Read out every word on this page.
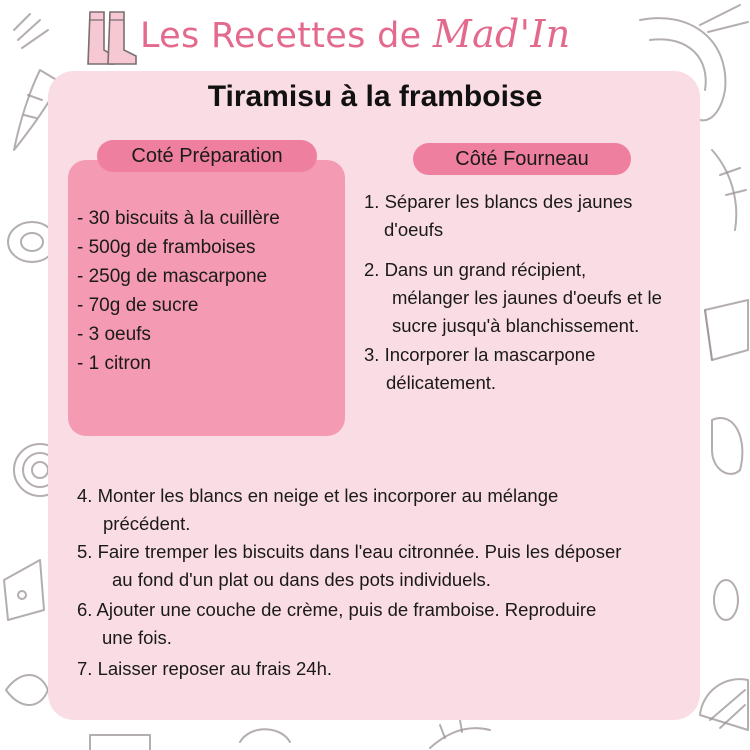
Les Recettes de Mad'In
Tiramisu à la framboise
- 30 biscuits à la cuillère
- 500g de framboises
- 250g de mascarpone
- 70g de sucre
- 3 oeufs
- 1 citron
Coté Préparation	Côté Fourneau
1. Séparer les blancs des jaunes
d'oeufs
2. Dans un grand récipient,
mélanger les jaunes d'oeufs et le
sucre jusqu'à blanchissement.
3. Incorporer la mascarpone
délicatement.
4. Monter les blancs en neige et les incorporer au mélange
précédent.
5. Faire tremper les biscuits dans l'eau citronnée. Puis les déposer
au fond d'un plat ou dans des pots individuels.
6. Ajouter une couche de crème, puis de framboise. Reproduire
une fois.
7. Laisser reposer au frais 24h.
